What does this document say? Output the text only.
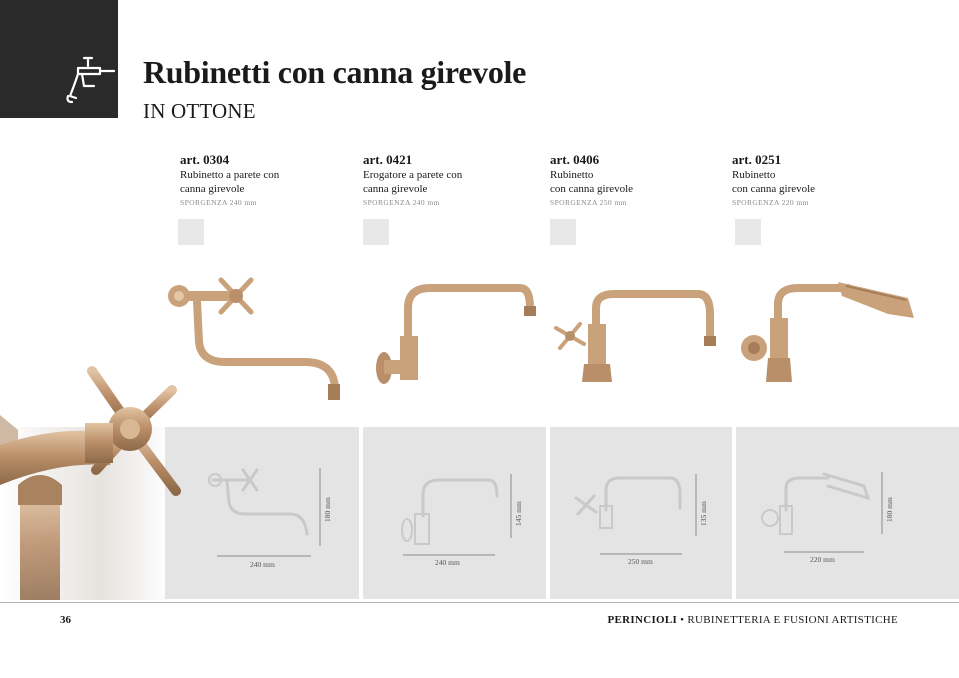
Rubinetti con canna girevole
IN OTTONE
art. 0304
Rubinetto a parete con
canna girevole
SPORGENZA 240 mm
art. 0421
Erogatore a parete con
canna girevole
SPORGENZA 240 mm
art. 0406
Rubinetto
con canna girevole
SPORGENZA 250 mm
art. 0251
Rubinetto
con canna girevole
SPORGENZA 220 mm
240 mm
180 mm
240 mm
145 mm
250 mm
135 mm
220 mm
180 mm
36	PERINCIOLI • RUBINETTERIA E FUSIONI ARTISTICHE
